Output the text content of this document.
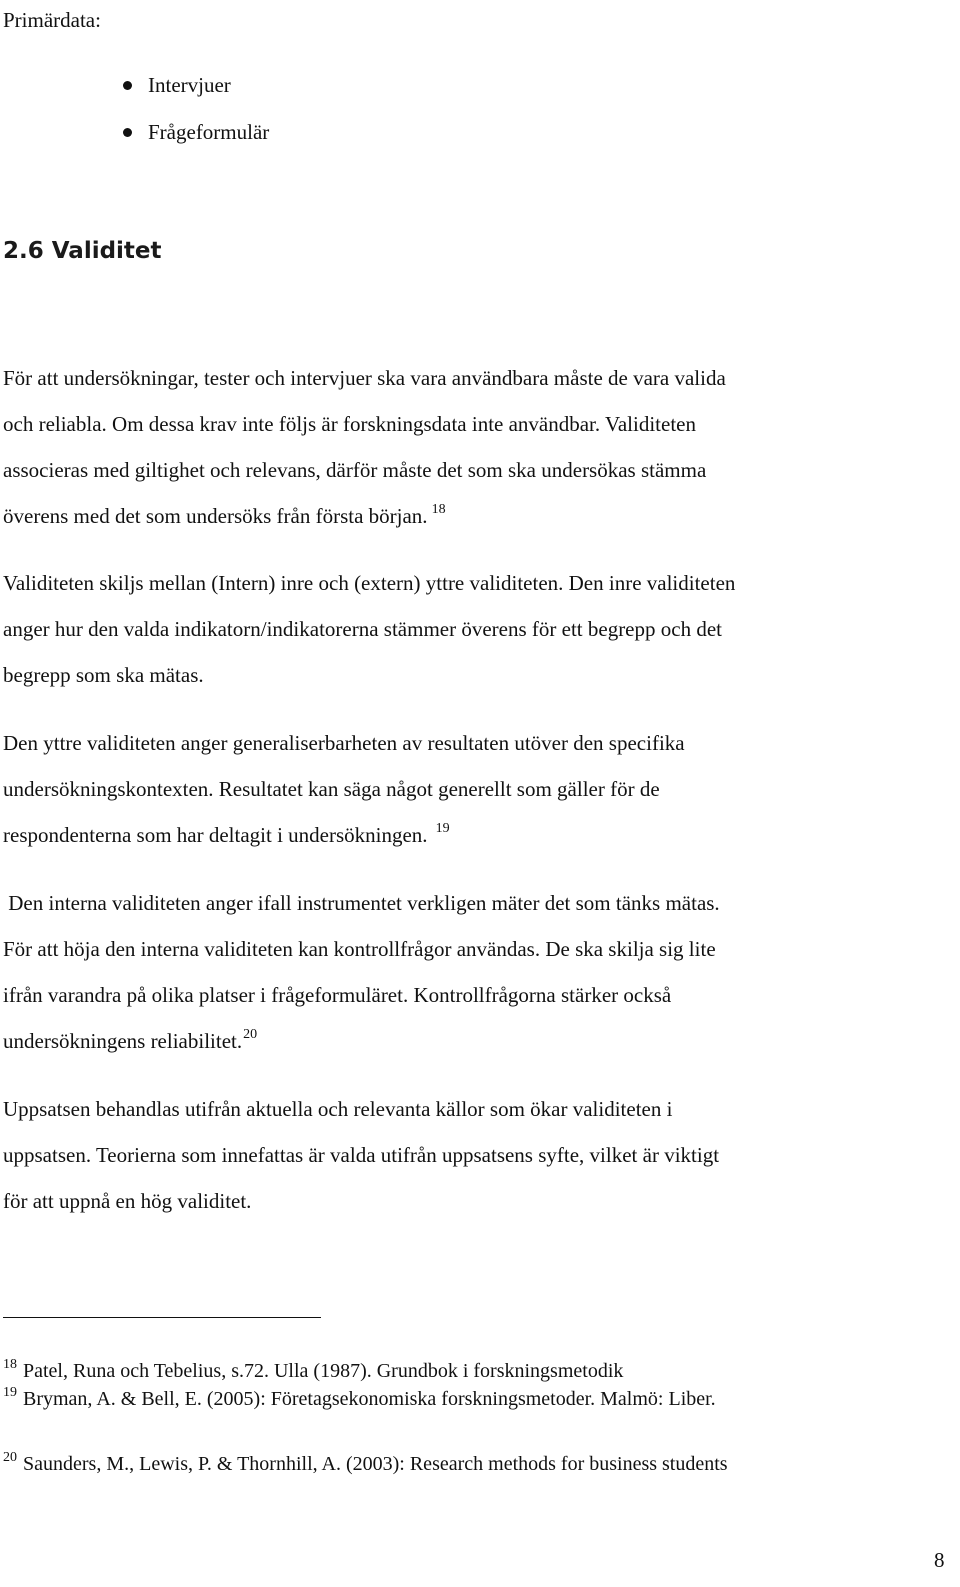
Primärdata:
Intervjuer
Frågeformulär
2.6 Validitet
För att undersökningar, tester och intervjuer ska vara användbara måste de vara valida
och reliabla. Om dessa krav inte följs är forskningsdata inte användbar. Validiteten
associeras med giltighet och relevans, därför måste det som ska undersökas stämma
överens med det som undersöks från första början. $^{18}$
Validiteten skiljs mellan (Intern) inre och (extern) yttre validiteten. Den inre validiteten
anger hur den valda indikatorn/indikatorerna stämmer överens för ett begrepp och det
begrepp som ska mätas.
Den yttre validiteten anger generaliserbarheten av resultaten utöver den specifika
undersökningskontexten. Resultatet kan säga något generellt som gäller för de
respondenterna som har deltagit i undersökningen. $^{19}$
Den interna validiteten anger ifall instrumentet verkligen mäter det som tänks mätas.
För att höja den interna validiteten kan kontrollfrågor användas. De ska skilja sig lite
ifrån varandra på olika platser i frågeformuläret. Kontrollfrågorna stärker också
undersökningens reliabilitet.$^{20}$
Uppsatsen behandlas utifrån aktuella och relevanta källor som ökar validiteten i
uppsatsen. Teorierna som innefattas är valda utifrån uppsatsens syfte, vilket är viktigt
för att uppnå en hög validitet.
$^{18}$ Patel, Runa och Tebelius, s.72. Ulla (1987). Grundbok i forskningsmetodik
$^{19}$ Bryman, A. & Bell, E. (2005): Företagsekonomiska forskningsmetoder. Malmö: Liber.
$^{20}$ Saunders, M., Lewis, P. & Thornhill, A. (2003): Research methods for business students
8
